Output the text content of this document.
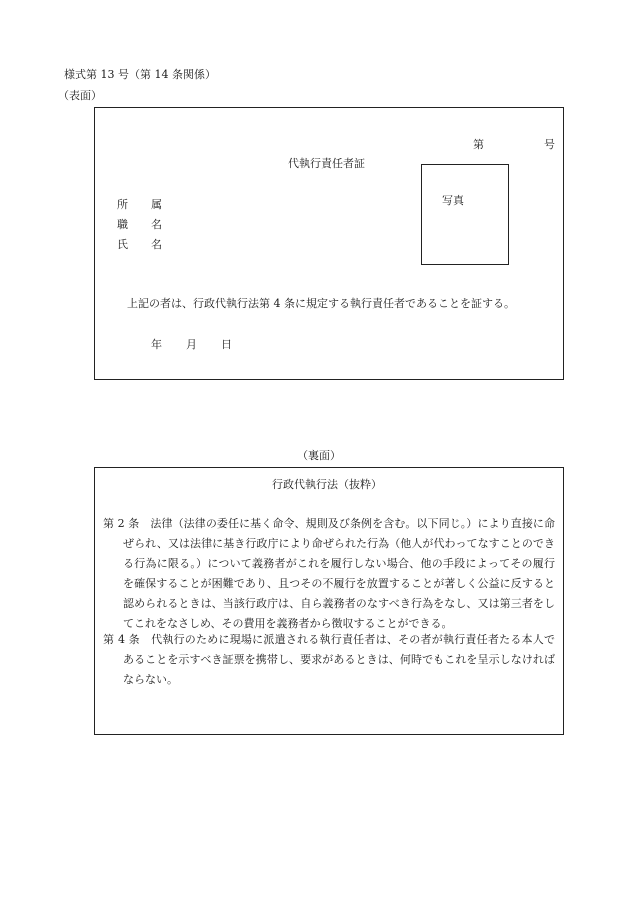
様式第 13 号（第 14 条関係）
（表面）
第	号
代執行責任者証
所 属
職 名
氏 名
写真
上記の者は、行政代執行法第 4 条に規定する執行責任者であることを証する。
年 月 日
（裏面）
行政代執行法（抜粋）
第 2 条　法律（法律の委任に基く命令、規則及び条例を含む。以下同じ。）により直接に命ぜられ、又は法律に基き行政庁により命ぜられた行為（他人が代わってなすことのできる行為に限る。）について義務者がこれを履行しない場合、他の手段によってその履行を確保することが困難であり、且つその不履行を放置することが著しく公益に反すると認められるときは、当該行政庁は、自ら義務者のなすべき行為をなし、又は第三者をしてこれをなさしめ、その費用を義務者から徴収することができる。
第 4 条　代執行のために現場に派遣される執行責任者は、その者が執行責任者たる本人であることを示すべき証票を携帯し、要求があるときは、何時でもこれを呈示しなければならない。
